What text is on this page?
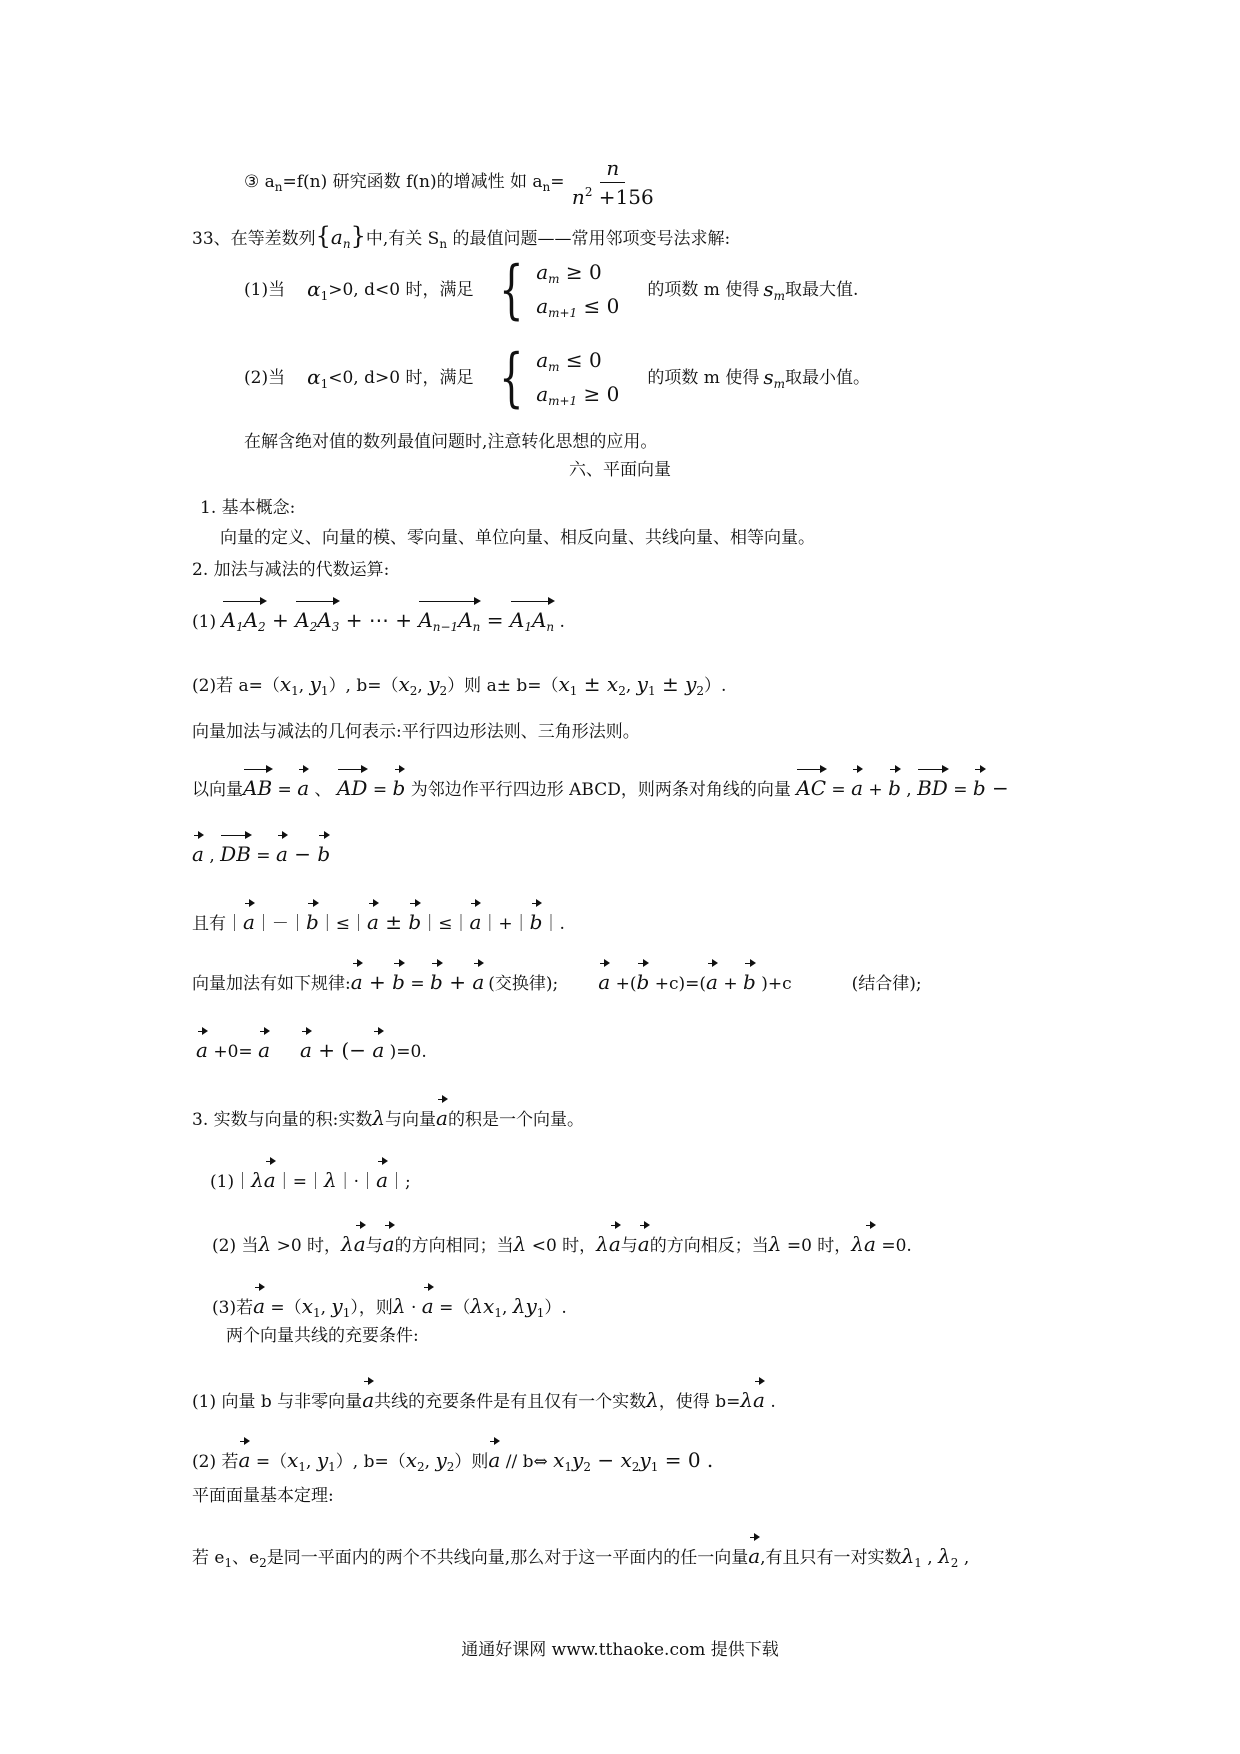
③ $a_n=f(n)$ 研究函数 f(n)的增减性 如 $a_n= \frac{n}{n^2 +156}$
33、在等差数列$\{a_n\}$中,有关 $S_n$ 的最值问题——常用邻项变号法求解:
(1)当 $\alpha_1 >0$, d<0 时，满足 { $a_m \ge 0$
$a_{m+1} \le 0$
的项数 m 使得 $s_m$ 取最大值.
(2)当 $\alpha_1 <0$, d>0 时，满足 { $a_m \le 0$
$a_{m+1} \ge 0$
的项数 m 使得 $s_m$ 取最小值。
在解含绝对值的数列最值问题时,注意转化思想的应用。
六、平面向量
1. 基本概念:
向量的定义、向量的模、零向量、单位向量、相反向量、共线向量、相等向量。
2. 加法与减法的代数运算:
(1) $A_1A_2 + A_2A_3$ + ⋯ + $A_{n-1}A_n = A_1A_n$ .
(2)若 $a=(x_1$, $y_1$）, $b=(x_2$, $y_2$）则 $a\pm b=(x_1 \pm x_2$, $y_1 \pm y_2$）.
向量加法与减法的几何表示:平行四边形法则、三角形法则。
以向量AB = a 、 AD = b 为邻边作平行四边形 ABCD，则两条对角线的向量 AC = a + b , BD = b −
a , DB = a − b
且有｜a｜－｜b｜≤｜a ± b｜≤｜a｜+｜b｜.
向量加法有如下规律:a + b = b + a (交换律); a +(b +c)=(a + b )+c	(结合律);
a +0= a a + (− a )=0.
3. 实数与向量的积:实数λ与向量a的积是一个向量。
(1)｜λa｜=｜λ｜·｜a｜;
(2) 当λ >0 时，λa与a的方向相同；当λ <0 时，λa与a的方向相反；当λ =0 时，λa =0.
(3)若$a =(x_1$, $y_1$），则$\lambda \cdot a =(\lambda x_1$, $\lambda y_1$）.
两个向量共线的充要条件:
(1) 向量 b 与非零向量a共线的充要条件是有且仅有一个实数λ，使得 b=λa .
(2) 若$a =(x_1$, $y_1$）, $b=(x_2$, $y_2$）则a // b⇔ $x_1y_2 - x_2y_1 = 0$ .
平面面量基本定理:
若 $e_1$、$e_2$是同一平面内的两个不共线向量,那么对于这一平面内的任一向量a,有且只有一对实数$\lambda_1$ , $\lambda_2$ ,
通通好课网 www.tthaoke.com 提供下载
